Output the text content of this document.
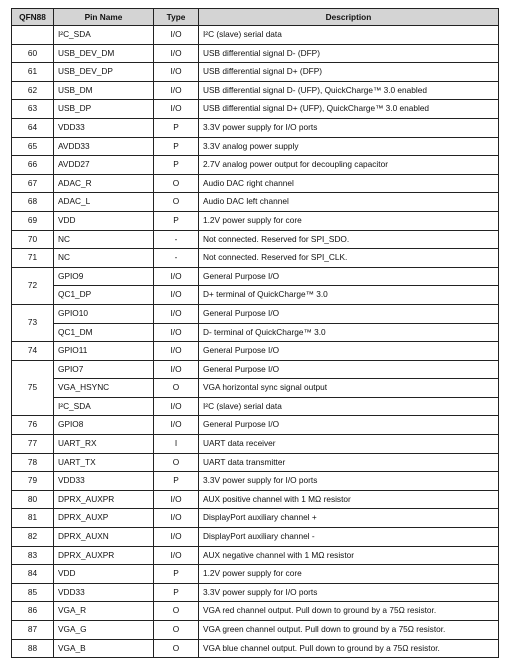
QFN88	Pin Name	Type	Description
	I²C_SDA	I/O	I²C (slave) serial data
60	USB_DEV_DM	I/O	USB differential signal D- (DFP)
61	USB_DEV_DP	I/O	USB differential signal D+ (DFP)
62	USB_DM	I/O	USB differential signal D- (UFP), QuickCharge™ 3.0 enabled
63	USB_DP	I/O	USB differential signal D+ (UFP), QuickCharge™ 3.0 enabled
64	VDD33	P	3.3V power supply for I/O ports
65	AVDD33	P	3.3V analog power supply
66	AVDD27	P	2.7V analog power output for decoupling capacitor
67	ADAC_R	O	Audio DAC right channel
68	ADAC_L	O	Audio DAC left channel
69	VDD	P	1.2V power supply for core
70	NC	-	Not connected. Reserved for SPI_SDO.
71	NC	-	Not connected. Reserved for SPI_CLK.
72	GPIO9	I/O	General Purpose I/O
	QC1_DP	I/O	D+ terminal of QuickCharge™ 3.0
73	GPIO10	I/O	General Purpose I/O
	QC1_DM	I/O	D- terminal of QuickCharge™ 3.0
74	GPIO11	I/O	General Purpose I/O
75	GPIO7	I/O	General Purpose I/O
	VGA_HSYNC	O	VGA horizontal sync signal output
	I²C_SDA	I/O	I²C (slave) serial data
76	GPIO8	I/O	General Purpose I/O
77	UART_RX	I	UART data receiver
78	UART_TX	O	UART data transmitter
79	VDD33	P	3.3V power supply for I/O ports
80	DPRX_AUXPR	I/O	AUX positive channel with 1 MΩ resistor
81	DPRX_AUXP	I/O	DisplayPort auxiliary channel +
82	DPRX_AUXN	I/O	DisplayPort auxiliary channel -
83	DPRX_AUXPR	I/O	AUX negative channel with 1 MΩ resistor
84	VDD	P	1.2V power supply for core
85	VDD33	P	3.3V power supply for I/O ports
86	VGA_R	O	VGA red channel output. Pull down to ground by a 75Ω resistor.
87	VGA_G	O	VGA green channel output. Pull down to ground by a 75Ω resistor.
88	VGA_B	O	VGA blue channel output. Pull down to ground by a 75Ω resistor.
